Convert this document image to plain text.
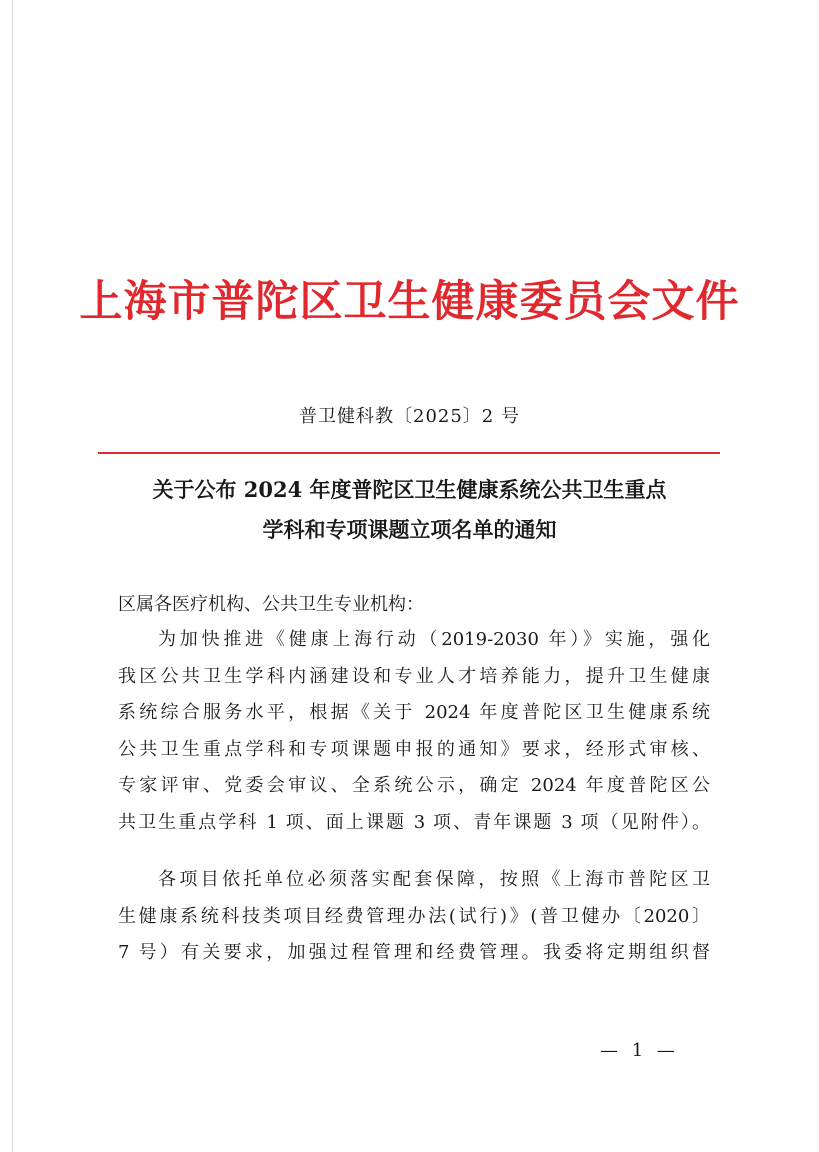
上海市普陀区卫生健康委员会文件
普卫健科教〔2025〕2 号
关于公布 2024 年度普陀区卫生健康系统公共卫生重点
学科和专项课题立项名单的通知
区属各医疗机构、公共卫生专业机构：
为加快推进《健康上海行动（2019-2030 年）》实施，强化
我区公共卫生学科内涵建设和专业人才培养能力，提升卫生健康
系统综合服务水平，根据《关于 2024 年度普陀区卫生健康系统
公共卫生重点学科和专项课题申报的通知》要求，经形式审核、
专家评审、党委会审议、全系统公示，确定 2024 年度普陀区公
共卫生重点学科 1 项、面上课题 3 项、青年课题 3 项（见附件）。
各项目依托单位必须落实配套保障，按照《上海市普陀区卫
生健康系统科技类项目经费管理办法(试行)》(普卫健办〔2020〕
7 号）有关要求，加强过程管理和经费管理。我委将定期组织督
— 1 —
